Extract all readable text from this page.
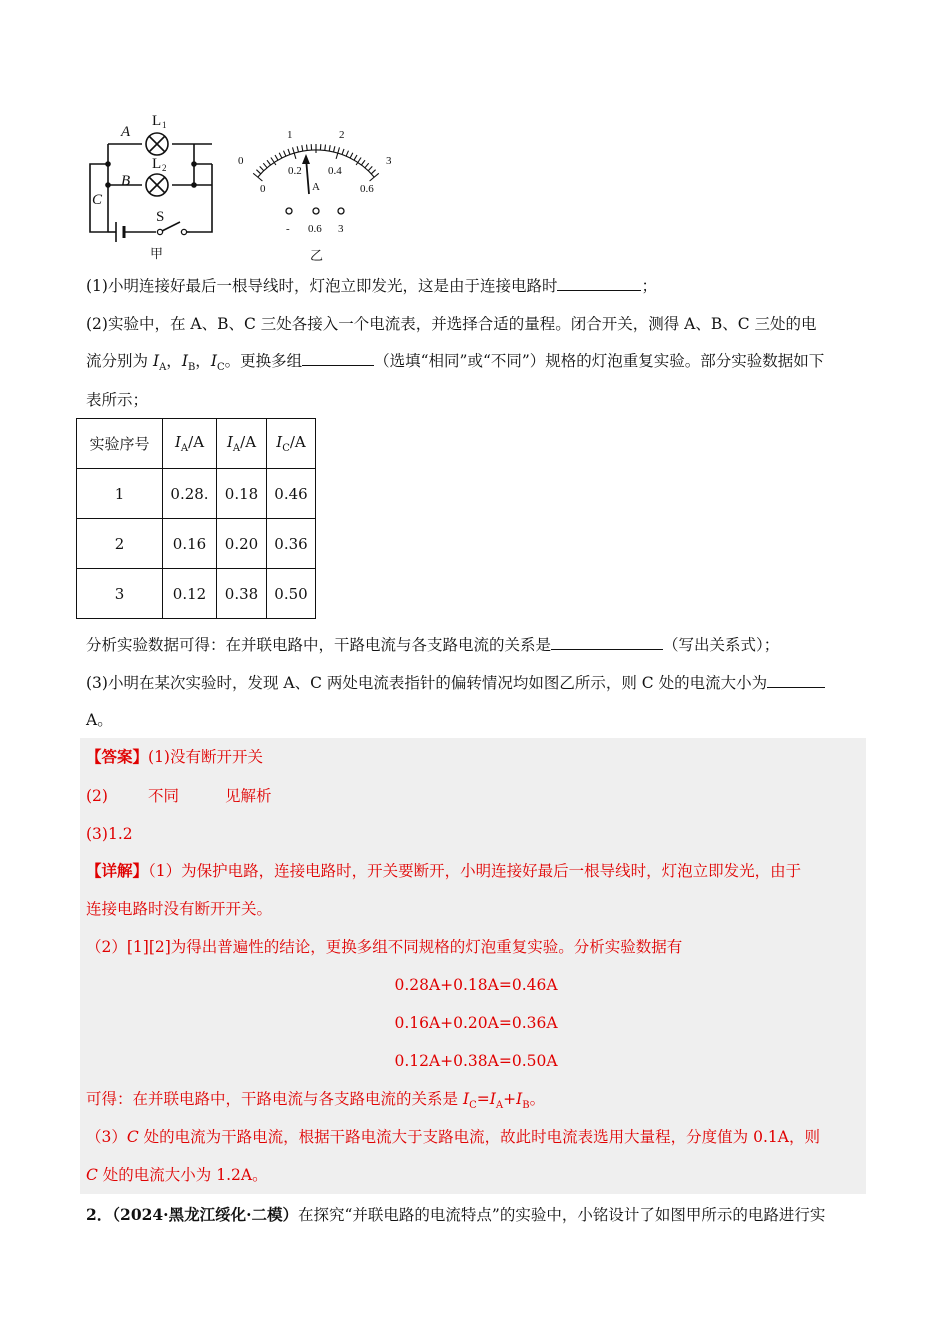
A
B
C
L 1
L 2
S
甲
0
1	2
3
0
0.2 0.4
0.6
A
- 0.6 3
乙
(1)小明连接好最后一根导线时，灯泡立即发光，这是由于连接电路时	；
(2)实验中，在 A、B、C 三处各接入一个电流表，并选择合适的量程。闭合开关，测得 A、B、C 三处的电
流分别为 $I_A$，$I_B$，$I_C$。更换多组	（选填“相同”或“不同”）规格的灯泡重复实验。部分实验数据如下
表所示；
实验序号	$I_A/A$	$I_A/A$	$I_C/A$
1	0.28.	0.18	0.46
2	0.16	0.20	0.36
3	0.12	0.38	0.50
分析实验数据可得：在并联电路中，干路电流与各支路电流的关系是	（写出关系式）；
(3)小明在某次实验时，发现 A、C 两处电流表指针的偏转情况均如图乙所示，则 C 处的电流大小为
A。
【答案】(1)没有断开开关
(2)	不同	见解析
(3)1.2
【详解】（1）为保护电路，连接电路时，开关要断开，小明连接好最后一根导线时，灯泡立即发光，由于
连接电路时没有断开开关。
（2）[1][2]为得出普遍性的结论，更换多组不同规格的灯泡重复实验。分析实验数据有
0.28A+0.18A=0.46A
0.16A+0.20A=0.36A
0.12A+0.38A=0.50A
可得：在并联电路中，干路电流与各支路电流的关系是 $I_C=I_A+I_B$。
（3）C 处的电流为干路电流，根据干路电流大于支路电流，故此时电流表选用大量程，分度值为 0.1A，则
C 处的电流大小为 1.2A。
2．（2024·黑龙江绥化·二模）在探究“并联电路的电流特点”的实验中，小铭设计了如图甲所示的电路进行实
